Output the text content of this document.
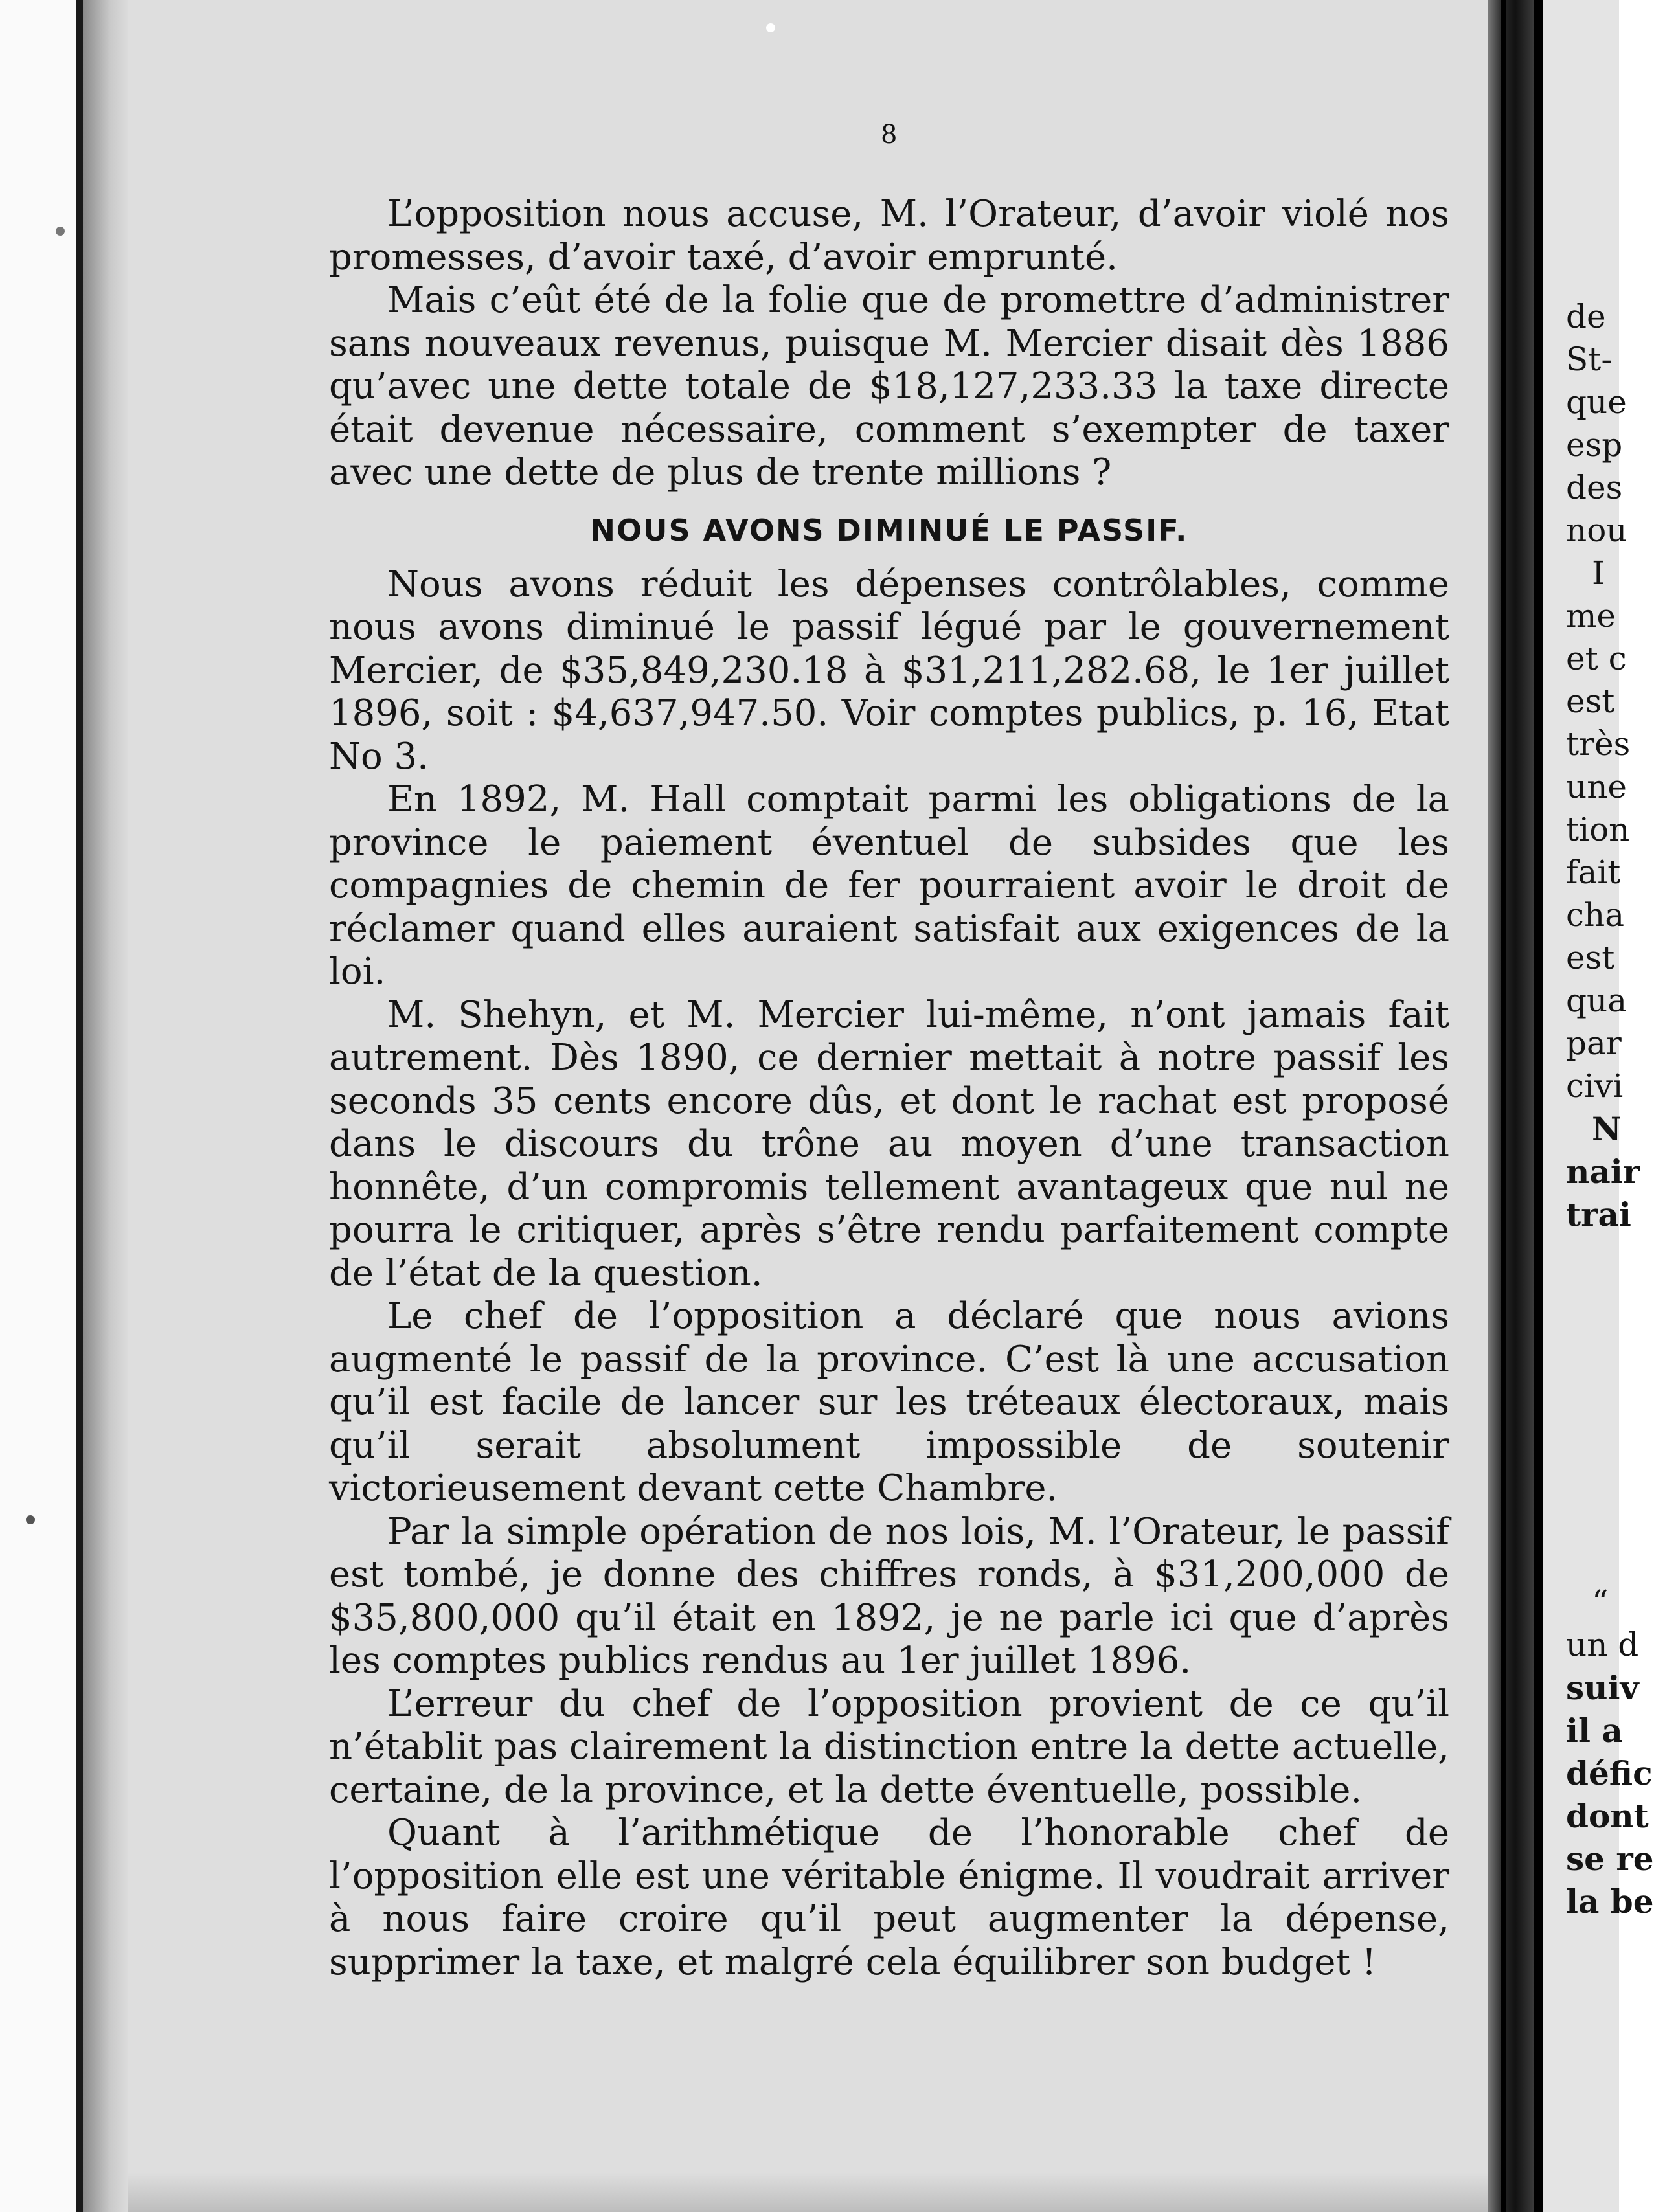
8

L’opposition nous accuse, M. l’Orateur, d’avoir violé nos promesses, d’avoir taxé, d’avoir emprunté.

Mais c’eût été de la folie que de promettre d’administrer sans nouveaux revenus, puisque M. Mercier disait dès 1886 qu’avec une dette totale de $18,127,233.33 la taxe directe était devenue nécessaire, comment s’exempter de taxer avec une dette de plus de trente millions ?

NOUS AVONS DIMINUÉ LE PASSIF.

Nous avons réduit les dépenses contrôlables, comme nous avons diminué le passif légué par le gouvernement Mercier, de $35,849,230.18 à $31,211,282.68, le 1er juillet 1896, soit : $4,637,947.50. Voir comptes publics, p. 16, Etat No 3.

En 1892, M. Hall comptait parmi les obligations de la province le paiement éventuel de subsides que les compagnies de chemin de fer pourraient avoir le droit de réclamer quand elles auraient satisfait aux exigences de la loi.

M. Shehyn, et M. Mercier lui-même, n’ont jamais fait autrement. Dès 1890, ce dernier mettait à notre passif les seconds 35 cents encore dûs, et dont le rachat est proposé dans le discours du trône au moyen d’une transaction honnête, d’un compromis tellement avantageux que nul ne pourra le critiquer, après s’être rendu parfaitement compte de l’état de la question.

Le chef de l’opposition a déclaré que nous avions augmenté le passif de la province. C’est là une accusation qu’il est facile de lancer sur les tréteaux électoraux, mais qu’il serait absolument impossible de soutenir victorieusement devant cette Chambre.

Par la simple opération de nos lois, M. l’Orateur, le passif est tombé, je donne des chiffres ronds, à $31,200,000 de $35,800,000 qu’il était en 1892, je ne parle ici que d’après les comptes publics rendus au 1er juillet 1896.

L’erreur du chef de l’opposition provient de ce qu’il n’établit pas clairement la distinction entre la dette actuelle, certaine, de la province, et la dette éventuelle, possible.

Quant à l’arithmétique de l’honorable chef de l’opposition elle est une véritable énigme. Il voudrait arriver à nous faire croire qu’il peut augmenter la dépense, supprimer la taxe, et malgré cela équilibrer son budget !

de
St-
que
esp
des
nou
I
me
et c
est
très
une
tion
fait
cha
est
qua
par
civi
N
nair
trai
“
un d
suiv
il a
défic
dont
se re
la be
